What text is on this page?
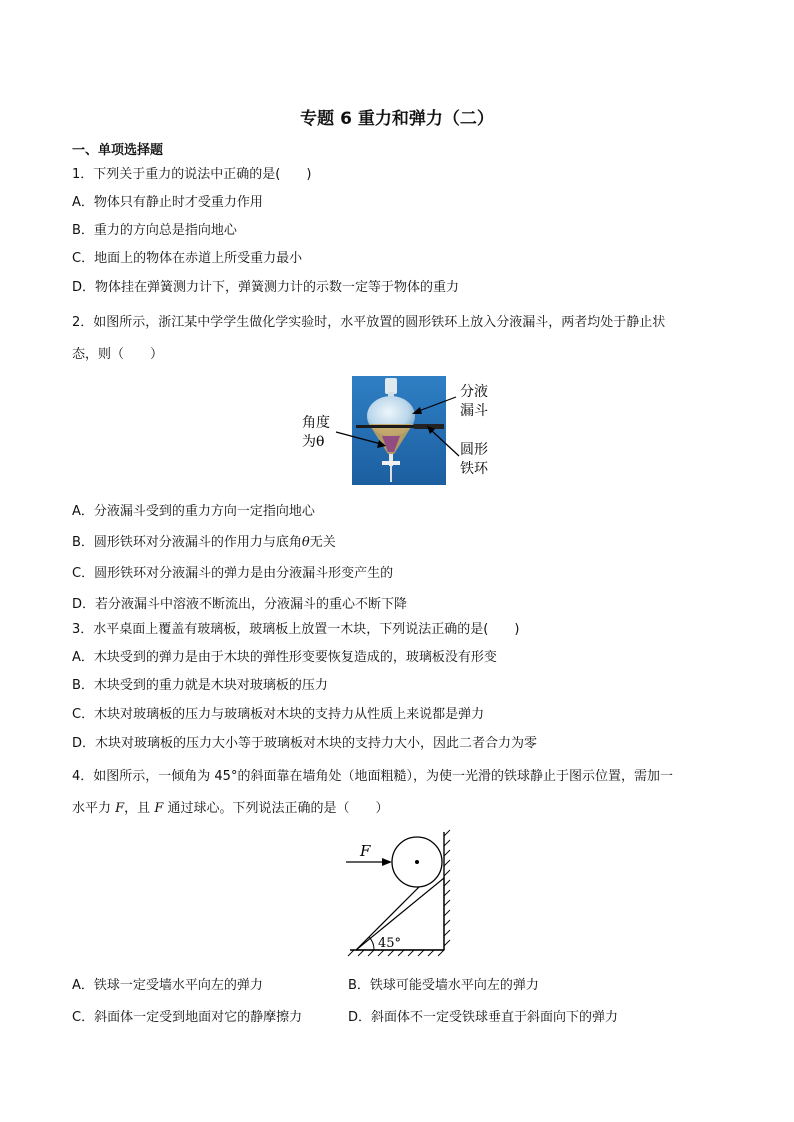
专题 6 重力和弹力（二）
一、单项选择题
1．下列关于重力的说法中正确的是(　　)
A．物体只有静止时才受重力作用
B．重力的方向总是指向地心
C．地面上的物体在赤道上所受重力最小
D．物体挂在弹簧测力计下，弹簧测力计的示数一定等于物体的重力
2．如图所示，浙江某中学学生做化学实验时，水平放置的圆形铁环上放入分液漏斗，两者均处于静止状
态，则（　　）
分液
漏斗
角度
为θ	圆形
铁环
A．分液漏斗受到的重力方向一定指向地心
B．圆形铁环对分液漏斗的作用力与底角θ无关
C．圆形铁环对分液漏斗的弹力是由分液漏斗形变产生的
D．若分液漏斗中溶液不断流出，分液漏斗的重心不断下降
3．水平桌面上覆盖有玻璃板，玻璃板上放置一木块，下列说法正确的是(　　)
A．木块受到的弹力是由于木块的弹性形变要恢复造成的，玻璃板没有形变
B．木块受到的重力就是木块对玻璃板的压力
C．木块对玻璃板的压力与玻璃板对木块的支持力从性质上来说都是弹力
D．木块对玻璃板的压力大小等于玻璃板对木块的支持力大小，因此二者合力为零
4．如图所示，一倾角为 45°的斜面靠在墙角处（地面粗糙），为使一光滑的铁球静止于图示位置，需加一
水平力 F，且 F 通过球心。下列说法正确的是（　　）
45°
F
A．铁球一定受墙水平向左的弹力	B．铁球可能受墙水平向左的弹力
C．斜面体一定受到地面对它的静摩擦力	D．斜面体不一定受铁球垂直于斜面向下的弹力
